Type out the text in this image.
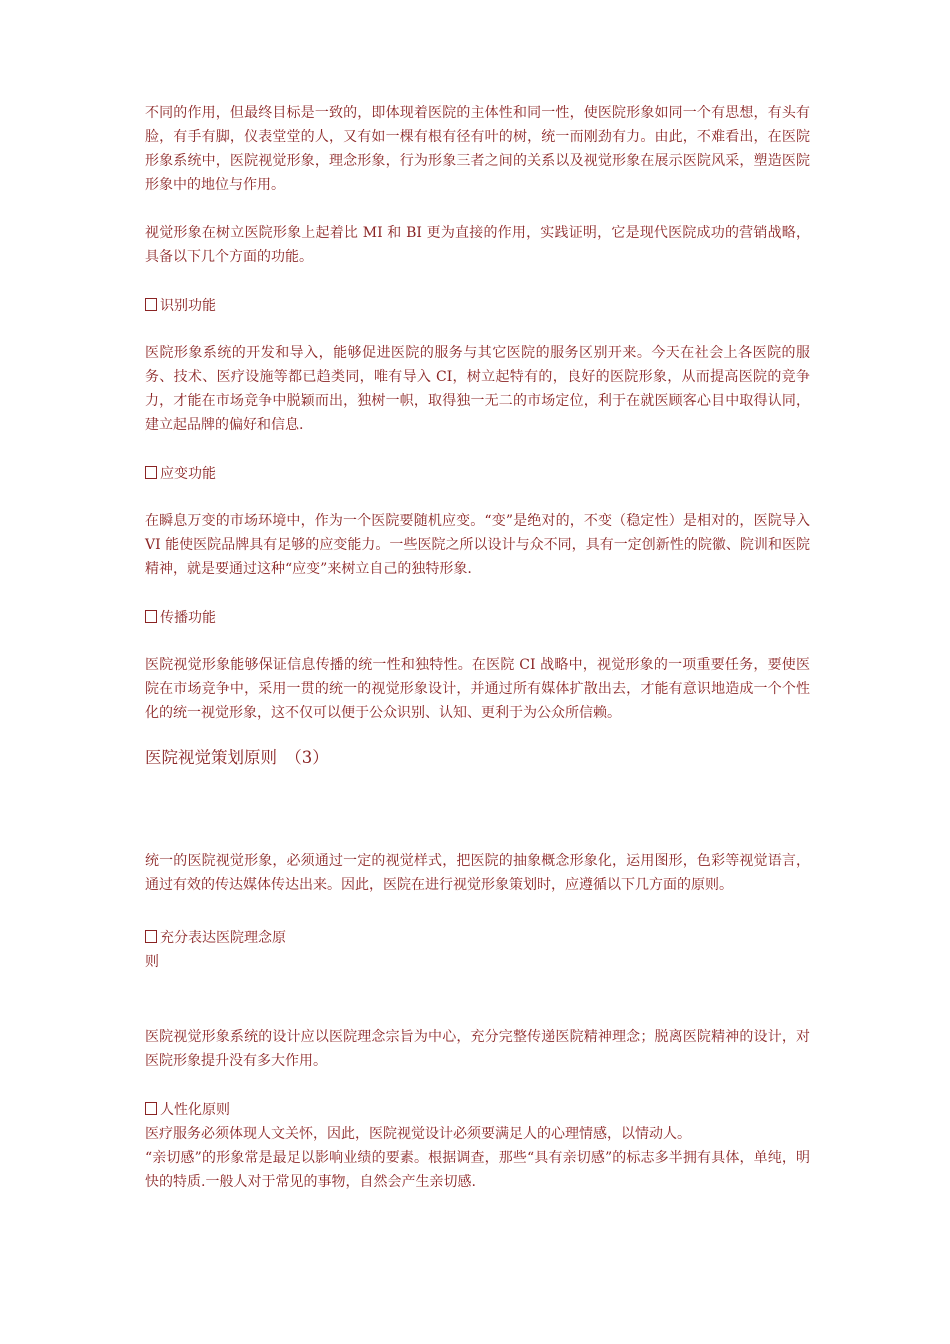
不同的作用，但最终目标是一致的，即体现着医院的主体性和同一性，使医院形象如同一个有思想，有头有脸，有手有脚，仪表堂堂的人，又有如一棵有根有径有叶的树，统一而刚劲有力。由此，不难看出，在医院形象系统中，医院视觉形象，理念形象，行为形象三者之间的关系以及视觉形象在展示医院风采，塑造医院形象中的地位与作用。

视觉形象在树立医院形象上起着比 MI 和 BI 更为直接的作用，实践证明，它是现代医院成功的营销战略，具备以下几个方面的功能。

识别功能

医院形象系统的开发和导入，能够促进医院的服务与其它医院的服务区别开来。今天在社会上各医院的服务、技术、医疗设施等都已趋类同，唯有导入 CI，树立起特有的，良好的医院形象，从而提高医院的竞争力，才能在市场竞争中脱颖而出，独树一帜，取得独一无二的市场定位，利于在就医顾客心目中取得认同，建立起品牌的偏好和信息.

应变功能

在瞬息万变的市场环境中，作为一个医院要随机应变。“变”是绝对的，不变（稳定性）是相对的，医院导入 VI 能使医院品牌具有足够的应变能力。一些医院之所以设计与众不同，具有一定创新性的院徽、院训和医院精神，就是要通过这种“应变”来树立自己的独特形象.

传播功能

医院视觉形象能够保证信息传播的统一性和独特性。在医院 CI 战略中，视觉形象的一项重要任务，要使医院在市场竞争中，采用一贯的统一的视觉形象设计，并通过所有媒体扩散出去，才能有意识地造成一个个性化的统一视觉形象，这不仅可以便于公众识别、认知、更利于为公众所信赖。

医院视觉策划原则　（3）

统一的医院视觉形象，必须通过一定的视觉样式，把医院的抽象概念形象化，运用图形，色彩等视觉语言，通过有效的传达媒体传达出来。因此，医院在进行视觉形象策划时，应遵循以下几方面的原则。

充分表达医院理念原
则

医院视觉形象系统的设计应以医院理念宗旨为中心，充分完整传递医院精神理念；脱离医院精神的设计，对医院形象提升没有多大作用。

人性化原则

医疗服务必须体现人文关怀，因此，医院视觉设计必须要满足人的心理情感，以情动人。
“亲切感”的形象常是最足以影响业绩的要素。根据调查，那些“具有亲切感”的标志多半拥有具体，单纯，明快的特质.一般人对于常见的事物，自然会产生亲切感.
